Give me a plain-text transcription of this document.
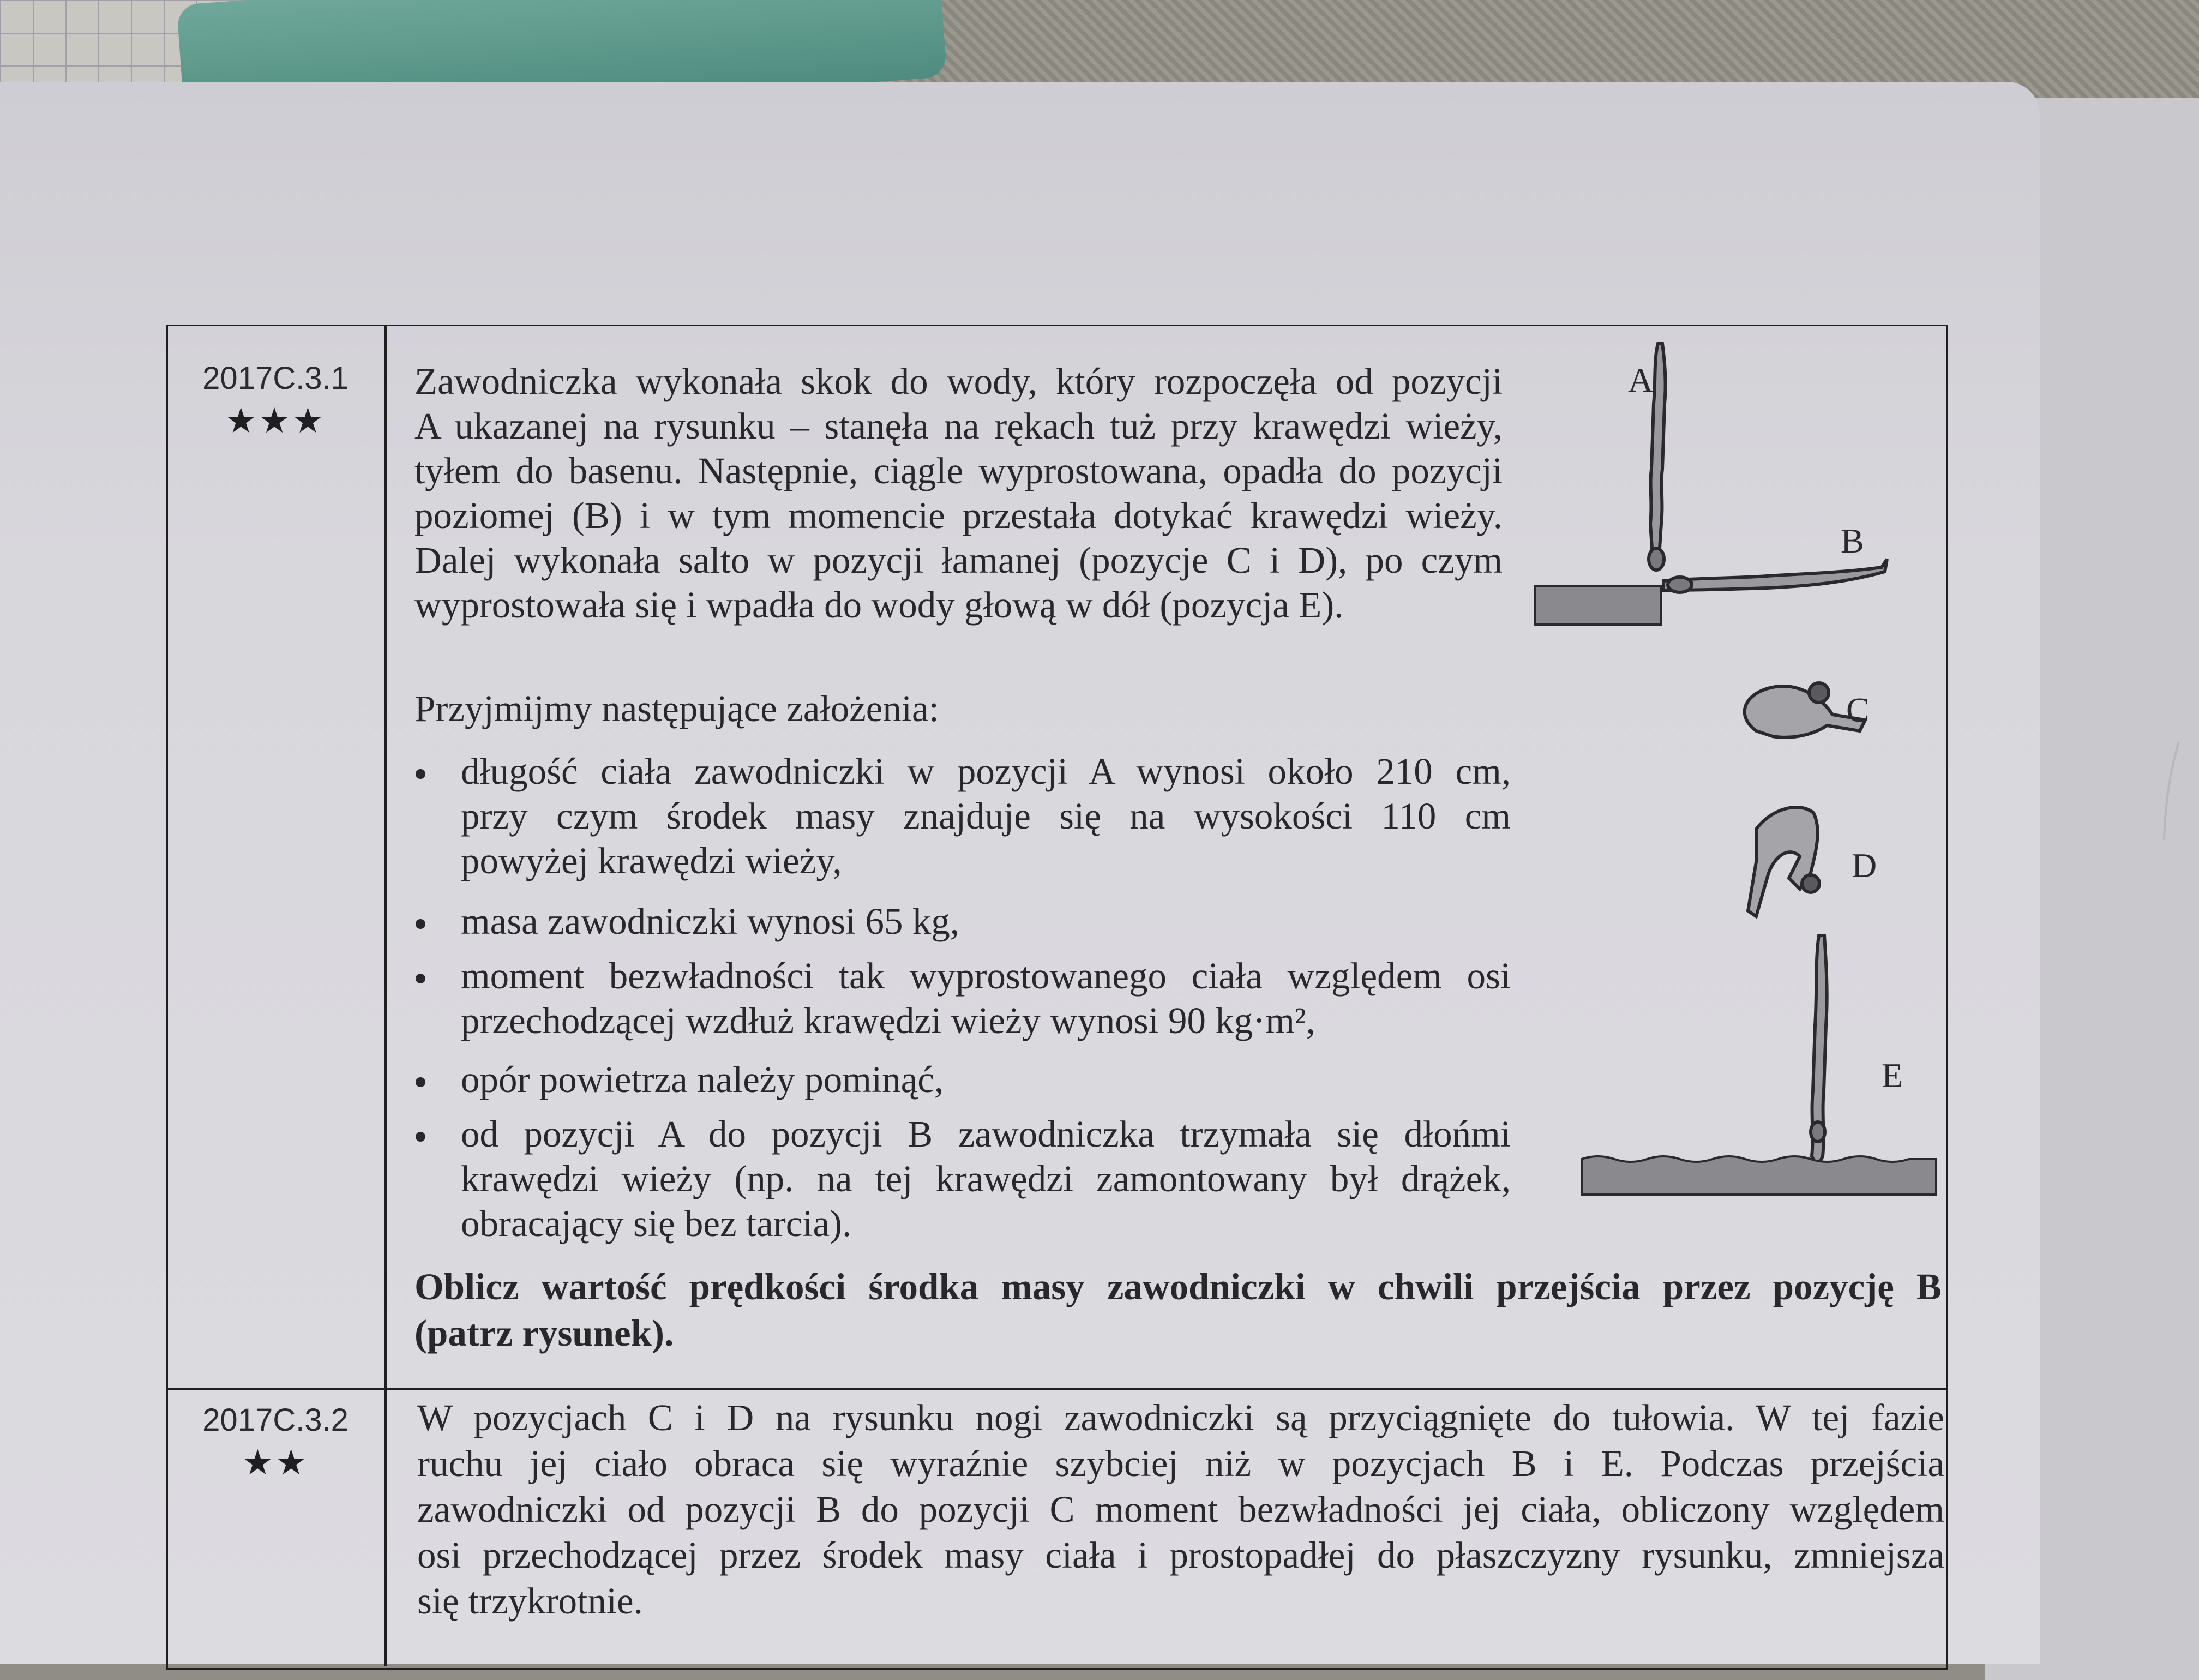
2017C.3.1
★★★
Zawodniczka wykonała skok do wody, który rozpoczęła od pozycji
A ukazanej na rysunku – stanęła na rękach tuż przy krawędzi wieży,
tyłem do basenu. Następnie, ciągle wyprostowana, opadła do pozycji
poziomej (B) i w tym momencie przestała dotykać krawędzi wieży.
Dalej wykonała salto w pozycji łamanej (pozycje C i D), po czym
wyprostowała się i wpadła do wody głową w dół (pozycja E).
Przyjmijmy następujące założenia:
długość ciała zawodniczki w pozycji A wynosi około 210 cm,
przy czym środek masy znajduje się na wysokości 110 cm
powyżej krawędzi wieży,
masa zawodniczki wynosi 65 kg,
moment bezwładności tak wyprostowanego ciała względem osi
przechodzącej wzdłuż krawędzi wieży wynosi 90 kg·m²,
opór powietrza należy pominąć,
od pozycji A do pozycji B zawodniczka trzymała się dłońmi
krawędzi wieży (np. na tej krawędzi zamontowany był drążek,
obracający się bez tarcia).
Oblicz wartość prędkości środka masy zawodniczki w chwili przejścia przez pozycję B
(patrz rysunek).
2017C.3.2
★★
W pozycjach C i D na rysunku nogi zawodniczki są przyciągnięte do tułowia. W tej fazie
ruchu jej ciało obraca się wyraźnie szybciej niż w pozycjach B i E. Podczas przejścia
zawodniczki od pozycji B do pozycji C moment bezwładności jej ciała, obliczony względem
osi przechodzącej przez środek masy ciała i prostopadłej do płaszczyzny rysunku, zmniejsza
się trzykrotnie.
A
B
C
D
E
